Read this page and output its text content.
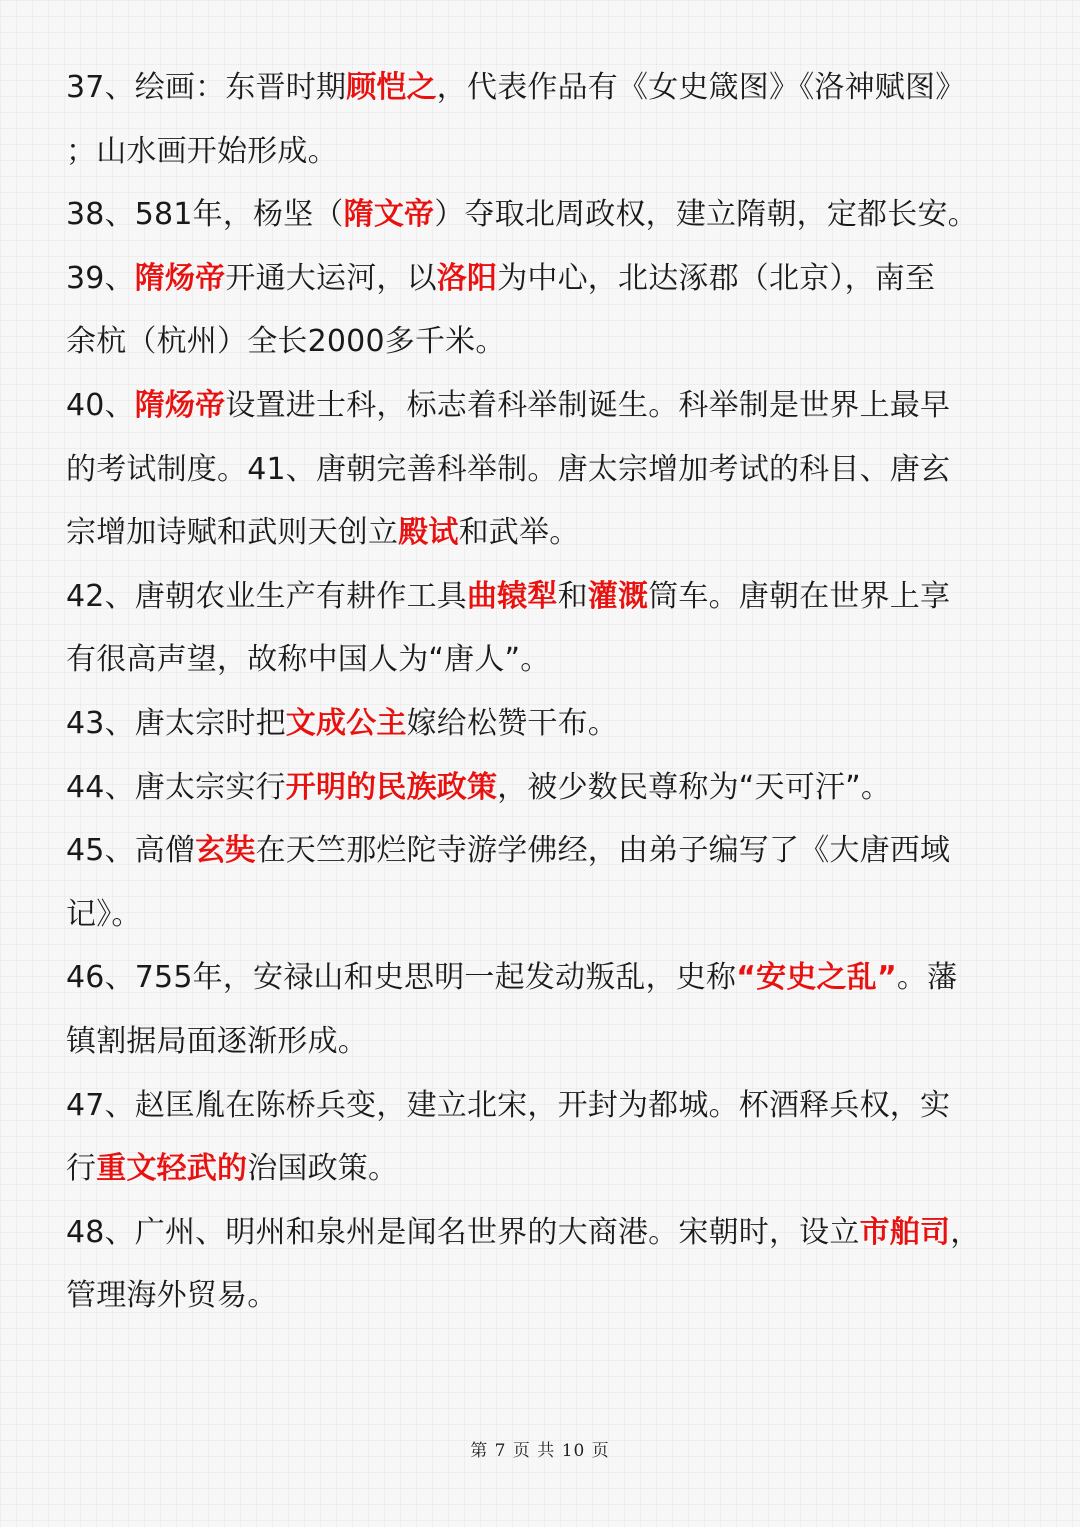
37、绘画：东晋时期顾恺之，代表作品有《女史箴图》《洛神赋图》
；山水画开始形成。
38、581年，杨坚（隋文帝）夺取北周政权，建立隋朝，定都长安。
39、隋炀帝开通大运河，以洛阳为中心，北达涿郡（北京），南至
余杭（杭州）全长2000多千米。
40、隋炀帝设置进士科，标志着科举制诞生。科举制是世界上最早
的考试制度。41、唐朝完善科举制。唐太宗增加考试的科目、唐玄
宗增加诗赋和武则天创立殿试和武举。
42、唐朝农业生产有耕作工具曲辕犁和灌溉筒车。唐朝在世界上享
有很高声望，故称中国人为“唐人”。
43、唐太宗时把文成公主嫁给松赞干布。
44、唐太宗实行开明的民族政策，被少数民尊称为“天可汗”。
45、高僧玄奘在天竺那烂陀寺游学佛经，由弟子编写了《大唐西域
记》。
46、755年，安禄山和史思明一起发动叛乱，史称“安史之乱”。藩
镇割据局面逐渐形成。
47、赵匡胤在陈桥兵变，建立北宋，开封为都城。杯酒释兵权，实
行重文轻武的治国政策。
48、广州、明州和泉州是闻名世界的大商港。宋朝时，设立市舶司，
管理海外贸易。
第 7 页 共 10 页
